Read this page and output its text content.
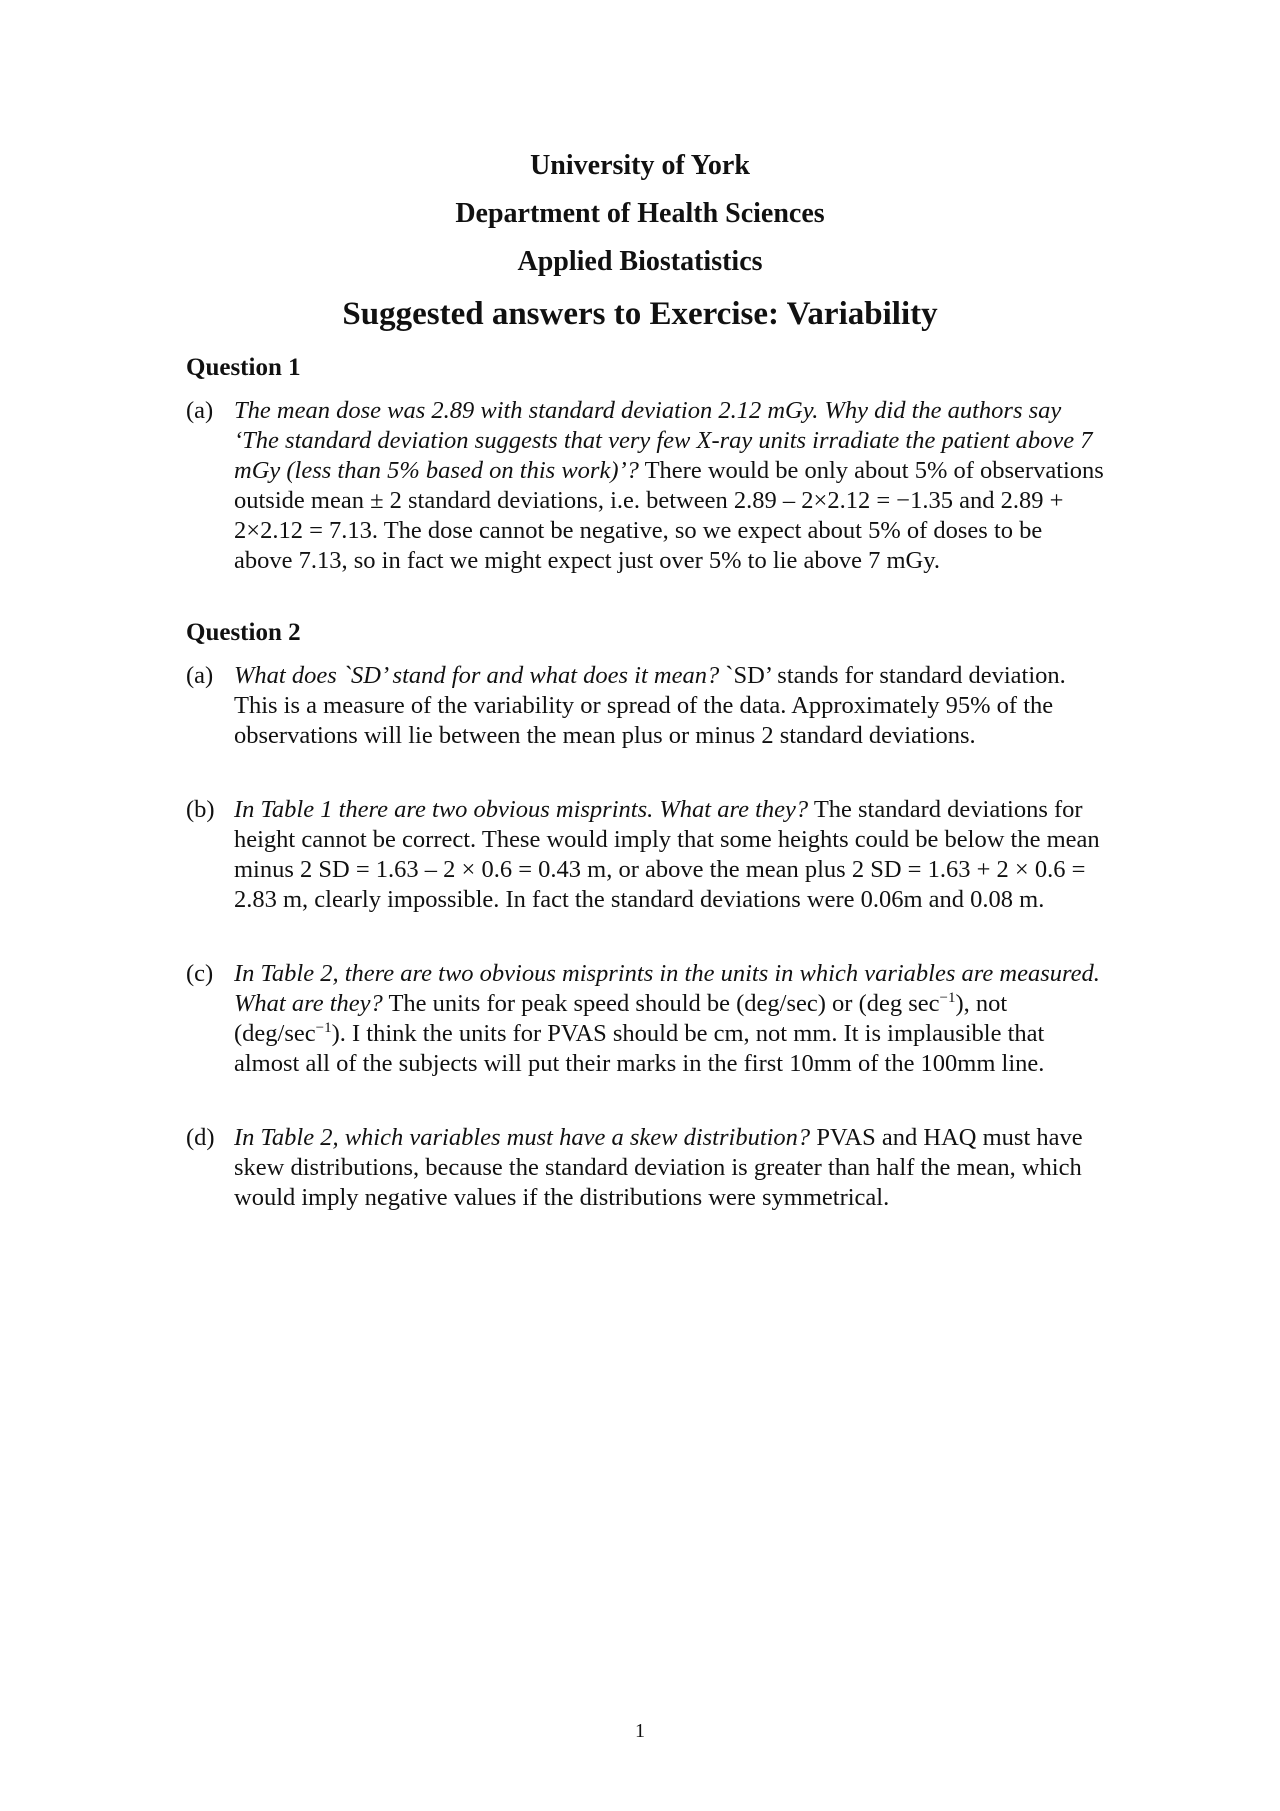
University of York
Department of Health Sciences
Applied Biostatistics
Suggested answers to Exercise: Variability
Question 1
(a) The mean dose was 2.89 with standard deviation 2.12 mGy. Why did the authors say ‘The standard deviation suggests that very few X-ray units irradiate the patient above 7 mGy (less than 5% based on this work)’? There would be only about 5% of observations outside mean ± 2 standard deviations, i.e. between 2.89 – 2×2.12 = −1.35 and 2.89 + 2×2.12 = 7.13. The dose cannot be negative, so we expect about 5% of doses to be above 7.13, so in fact we might expect just over 5% to lie above 7 mGy.
Question 2
(a) What does `SD’ stand for and what does it mean? `SD’ stands for standard deviation. This is a measure of the variability or spread of the data. Approximately 95% of the observations will lie between the mean plus or minus 2 standard deviations.
(b) In Table 1 there are two obvious misprints. What are they? The standard deviations for height cannot be correct. These would imply that some heights could be below the mean minus 2 SD = 1.63 – 2 × 0.6 = 0.43 m, or above the mean plus 2 SD = 1.63 + 2 × 0.6 = 2.83 m, clearly impossible. In fact the standard deviations were 0.06m and 0.08 m.
(c) In Table 2, there are two obvious misprints in the units in which variables are measured. What are they? The units for peak speed should be (deg/sec) or (deg $\sec^{-1}$), not $(deg/\sec^{-1})$. I think the units for PVAS should be cm, not mm. It is implausible that almost all of the subjects will put their marks in the first 10mm of the 100mm line.
(d) In Table 2, which variables must have a skew distribution? PVAS and HAQ must have skew distributions, because the standard deviation is greater than half the mean, which would imply negative values if the distributions were symmetrical.
1
